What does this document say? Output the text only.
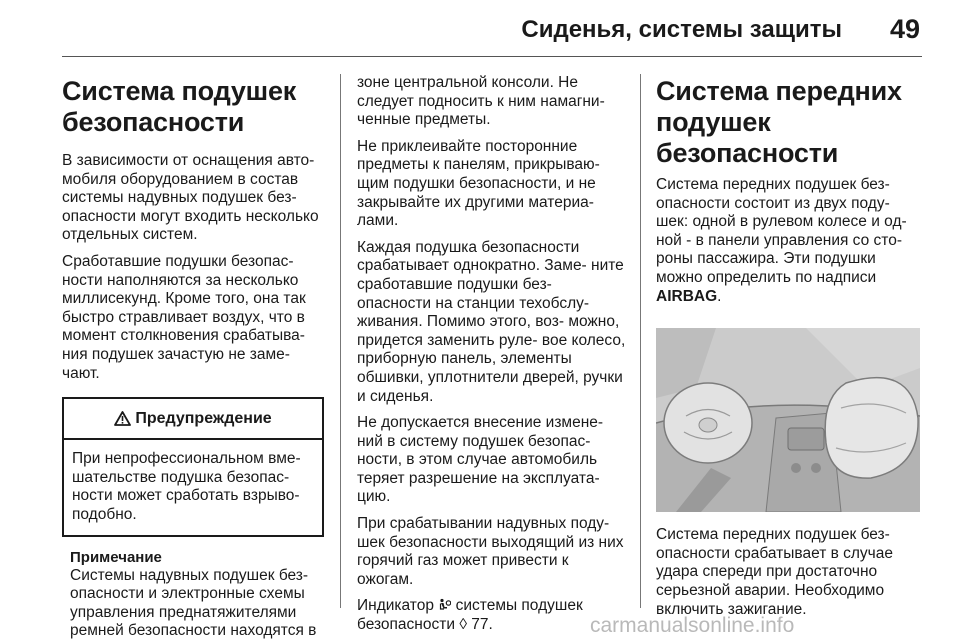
Сиденья, системы защиты 49
Система подушек безопасности

В зависимости от оснащения авто- мобиля оборудованием в состав системы надувных подушек без- опасности могут входить несколько отдельных систем.

Сработавшие подушки безопас- ности наполняются за несколько миллисекунд. Кроме того, она так быстро стравливает воздух, что в момент столкновения срабатыва- ния подушек зачастую не заме- чают.

Предупреждение

При непрофессиональном вме- шательстве подушка безопас- ности может сработать взрыво- подобно.

Примечание

Системы надувных подушек без- опасности и электронные схемы управления преднатяжителями ремней безопасности находятся в

зоне центральной консоли. Не следует подносить к ним намагни- ченные предметы.

Не приклеивайте посторонние предметы к панелям, прикрываю- щим подушки безопасности, и не закрывайте их другими материа- лами.

Каждая подушка безопасности срабатывает однократно. Заме- ните сработавшие подушки без- опасности на станции техобслу- живания. Помимо этого, воз- можно, придется заменить руле- вое колесо, приборную панель, элементы обшивки, уплотнители дверей, ручки и сиденья.

Не допускается внесение измене- ний в систему подушек безопас- ности, в этом случае автомобиль теряет разрешение на эксплуата- цию.

При срабатывании надувных поду- шек безопасности выходящий из них горячий газ может привести к ожогам.

Индикатор системы подушек безопасности ◊ 77.

Система передних подушек безопасности

Система передних подушек без- опасности состоит из двух поду- шек: одной в рулевом колесе и од- ной - в панели управления со сто- роны пассажира. Эти подушки можно определить по надписи AIRBAG.

Система передних подушек без- опасности срабатывает в случае удара спереди при достаточно серьезной аварии. Необходимо включить зажигание.

carmanualsonline.info
